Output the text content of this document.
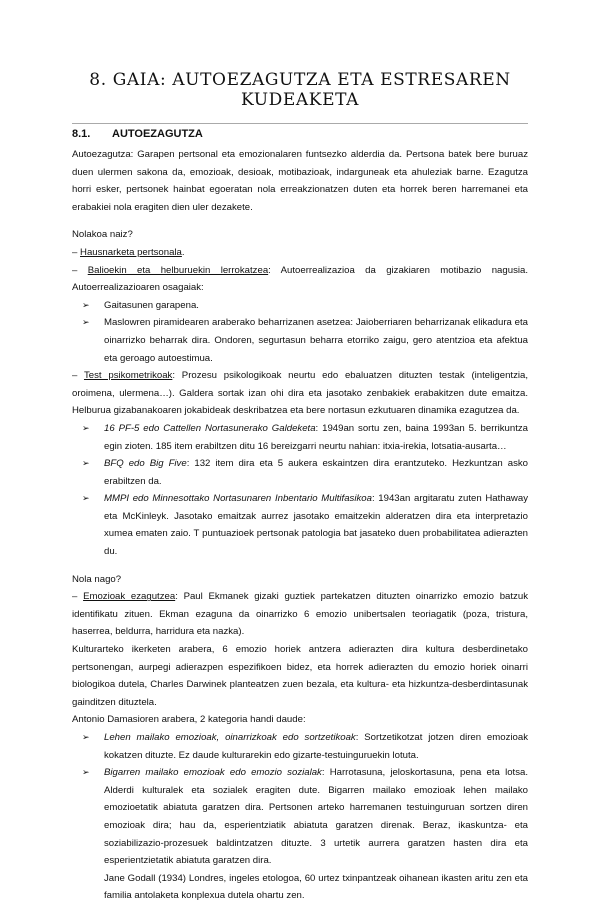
8. GAIA: AUTOEZAGUTZA ETA ESTRESAREN
KUDEAKETA
8.1. AUTOEZAGUTZA

Autoezagutza: Garapen pertsonal eta emozionalaren funtsezko alderdia da. Pertsona batek bere buruaz duen ulermen sakona da, emozioak, desioak, motibazioak, indarguneak eta ahuleziak barne. Ezagutza horri esker, pertsonek hainbat egoeratan nola erreakzionatzen duten eta horrek beren harremanei eta erabakiei nola eragiten dien uler dezakete.

Nolakoa naiz?

– Hausnarketa pertsonala.

– Balioekin eta helburuekin lerrokatzea: Autoerrealizazioa da gizakiaren motibazio nagusia. Autoerrealizazioaren osagaiak:

➢ Gaitasunen garapena.
➢ Maslowren piramidearen araberako beharrizanen asetzea: Jaioberriaren beharrizanak elikadura eta oinarrizko beharrak dira. Ondoren, segurtasun beharra etorriko zaigu, gero atentzioa eta afektua eta geroago autoestimua.

– Test psikometrikoak: Prozesu psikologikoak neurtu edo ebaluatzen dituzten testak (inteligentzia, oroimena, ulermena…). Galdera sortak izan ohi dira eta jasotako zenbakiek erabakitzen dute emaitza. Helburua gizabanakoaren jokabideak deskribatzea eta bere nortasun ezkutuaren dinamika ezagutzea da.

➢ 16 PF-5 edo Cattellen Nortasunerako Galdeketa: 1949an sortu zen, baina 1993an 5. berrikuntza egin zioten. 185 item erabiltzen ditu 16 bereizgarri neurtu nahian: itxia-irekia, lotsatia-ausarta…
➢ BFQ edo Big Five: 132 item dira eta 5 aukera eskaintzen dira erantzuteko. Hezkuntzan asko erabiltzen da.
➢ MMPI edo Minnesottako Nortasunaren Inbentario Multifasikoa: 1943an argitaratu zuten Hathaway eta McKinleyk. Jasotako emaitzak aurrez jasotako emaitzekin alderatzen dira eta interpretazio xumea ematen zaio. T puntuazioek pertsonak patologia bat jasateko duen probabilitatea adierazten du.

Nola nago?

– Emozioak ezagutzea: Paul Ekmanek gizaki guztiek partekatzen dituzten oinarrizko emozio batzuk identifikatu zituen. Ekman ezaguna da oinarrizko 6 emozio unibertsalen teoriagatik (poza, tristura, haserrea, beldurra, harridura eta nazka).

Kulturarteko ikerketen arabera, 6 emozio horiek antzera adierazten dira kultura desberdinetako pertsonengan, aurpegi adierazpen espezifikoen bidez, eta horrek adierazten du emozio horiek oinarri biologikoa dutela, Charles Darwinek planteatzen zuen bezala, eta kultura- eta hizkuntza-desberdintasunak gainditzen dituztela.

Antonio Damasioren arabera, 2 kategoria handi daude:

➢ Lehen mailako emozioak, oinarrizkoak edo sortzetikoak: Sortzetikotzat jotzen diren emozioak kokatzen dituzte. Ez daude kulturarekin edo gizarte-testuinguruekin lotuta.
➢ Bigarren mailako emozioak edo emozio sozialak: Harrotasuna, jeloskortasuna, pena eta lotsa. Alderdi kulturalek eta sozialek eragiten dute. Bigarren mailako emozioak lehen mailako emozioetatik abiatuta garatzen dira. Pertsonen arteko harremanen testuinguruan sortzen diren emozioak dira; hau da, esperientziatik abiatuta garatzen direnak. Beraz, ikaskuntza- eta soziabilizazio-prozesuek baldintzatzen dituzte. 3 urtetik aurrera garatzen hasten dira eta esperientzietatik abiatuta garatzen dira.

Jane Godall (1934) Londres, ingeles etologoa, 60 urtez txinpantzeak oihanean ikasten aritu zen eta familia antolaketa konplexua dutela ohartu zen.
